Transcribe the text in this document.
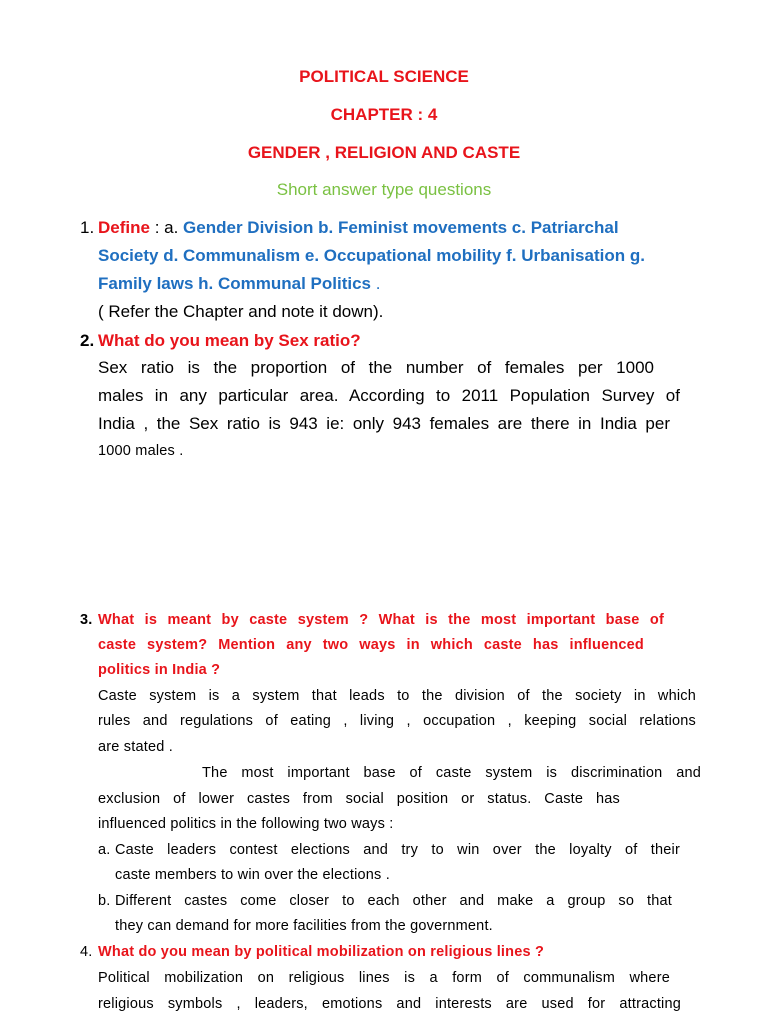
POLITICAL SCIENCE
CHAPTER : 4
GENDER , RELIGION AND CASTE
Short answer type questions
1. Define : a. Gender Division b. Feminist movements c. Patriarchal
Society d. Communalism e. Occupational mobility f. Urbanisation g.
Family laws h. Communal Politics .
( Refer the Chapter and note it down).
2. What do you mean by Sex ratio?
Sex ratio is the proportion of the number of females per 1000
males in any particular area. According to 2011 Population Survey of
India , the Sex ratio is 943 ie: only 943 females are there in India per
1000 males .
3. What is meant by caste system ? What is the most important base of
caste system? Mention any two ways in which caste has influenced
politics in India ?
Caste system is a system that leads to the division of the society in which
rules and regulations of eating , living , occupation , keeping social relations
are stated .
The most important base of caste system is discrimination and
exclusion of lower castes from social position or status. Caste has
influenced politics in the following two ways :
a. Caste leaders contest elections and try to win over the loyalty of their
caste members to win over the elections .
b. Different castes come closer to each other and make a group so that
they can demand for more facilities from the government.
4. What do you mean by political mobilization on religious lines ?
Political mobilization on religious lines is a form of communalism where
religious symbols , leaders, emotions and interests are used for attracting
